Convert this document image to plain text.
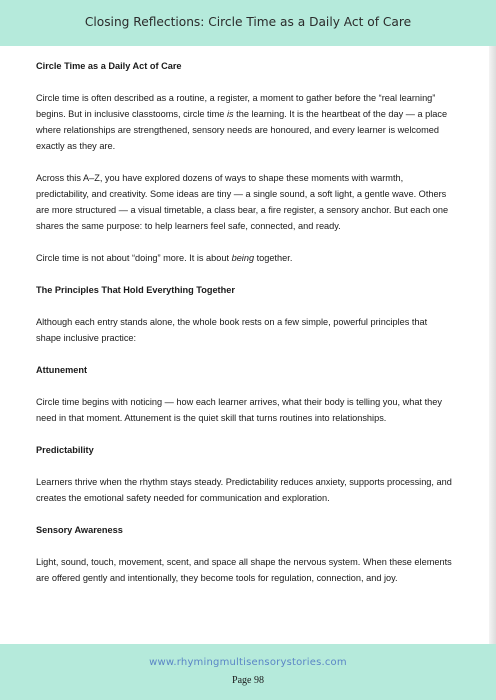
Closing Reflections: Circle Time as a Daily Act of Care
Circle Time as a Daily Act of Care

Circle time is often described as a routine, a register, a moment to gather before the “real learning” begins. But in inclusive classtooms, circle time is the learning. It is the heartbeat of the day — a place where relationships are strengthened, sensory needs are honoured, and every learner is welcomed exactly as they are.

Across this A–Z, you have explored dozens of ways to shape these moments with warmth, predictability, and creativity. Some ideas are tiny — a single sound, a soft light, a gentle wave. Others are more structured — a visual timetable, a class bear, a fire register, a sensory anchor. But each one shares the same purpose: to help learners feel safe, connected, and ready.

Circle time is not about “doing” more. It is about being together.

The Principles That Hold Everything Together

Although each entry stands alone, the whole book rests on a few simple, powerful principles that shape inclusive practice:

Attunement

Circle time begins with noticing — how each learner arrives, what their body is telling you, what they need in that moment. Attunement is the quiet skill that turns routines into relationships.

Predictability

Learners thrive when the rhythm stays steady. Predictability reduces anxiety, supports processing, and creates the emotional safety needed for communication and exploration.

Sensory Awareness

Light, sound, touch, movement, scent, and space all shape the nervous system. When these elements are offered gently and intentionally, they become tools for regulation, connection, and joy.

www.rhymingmultisensorystories.com
Page 98
